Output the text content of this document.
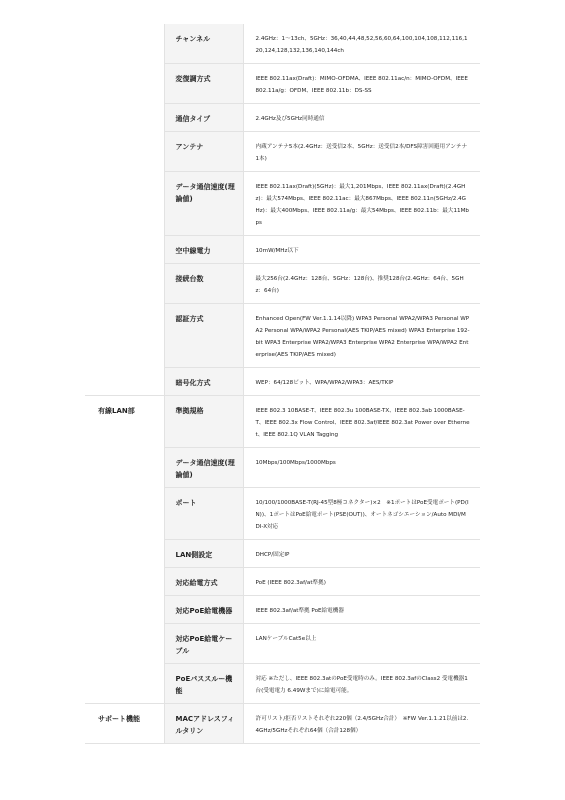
	チャンネル	2.4GHz：1〜13ch、5GHz：36,40,44,48,52,56,60,64,100,104,108,112,116,120,124,128,132,136,140,144ch
	変復調方式	IEEE 802.11ax(Draft)：MIMO-OFDMA、IEEE 802.11ac/n：MIMO-OFDM、IEEE 802.11a/g：OFDM、IEEE 802.11b：DS-SS
	通信タイプ	2.4GHz及び5GHz同時通信
	アンテナ	内蔵アンテナ5本(2.4GHz：送受信2本、5GHz：送受信2本/DFS障害回避用アンテナ1本)
	データ通信速度(理論値)	IEEE 802.11ax(Draft)(5GHz)：最大1,201Mbps、IEEE 802.11ax(Draft)(2.4GHz)：最大574Mbps、IEEE 802.11ac：最大867Mbps、IEEE 802.11n(5GHz/2.4GHz)：最大400Mbps、IEEE 802.11a/g：最大54Mbps、IEEE 802.11b：最大11Mbps
	空中線電力	10mW/MHz以下
	接続台数	最大256台(2.4GHz：128台、5GHz：128台)、推奨128台(2.4GHz：64台、5GHz：64台)
	認証方式	Enhanced Open(FW Ver.1.1.14以降) WPA3 Personal WPA2/WPA3 Personal WPA2 Personal WPA/WPA2 Personal(AES TKIP/AES mixed) WPA3 Enterprise 192-bit WPA3 Enterprise WPA2/WPA3 Enterprise WPA2 Enterprise WPA/WPA2 Enterprise(AES TKIP/AES mixed)
	暗号化方式	WEP：64/128ビット、WPA/WPA2/WPA3：AES/TKIP
有線LAN部	準拠規格	IEEE 802.3 10BASE-T、IEEE 802.3u 100BASE-TX、IEEE 802.3ab 1000BASE-T、IEEE 802.3x Flow Control、IEEE 802.3af/IEEE 802.3at Power over Ethernet、IEEE 802.1Q VLAN Tagging
	データ通信速度(理論値)	10Mbps/100Mbps/1000Mbps
	ポート	10/100/1000BASE-T(RJ-45型8極コネクター)×2　※1ポートはPoE受電ポート(PD(IN))、1ポートはPoE給電ポート(PSE(OUT))、オートネゴシエーション/Auto MDI/MDI-X対応
	LAN側設定	DHCP/固定IP
	対応給電方式	PoE (IEEE 802.3af/at準拠)
	対応PoE給電機器	IEEE 802.3af/at準拠 PoE給電機器
	対応PoE給電ケーブル	LANケーブルCat5e以上
	PoEパススルー機能	対応 ※ただし、IEEE 802.3atのPoE受電時のみ。IEEE 802.3afのClass2 受電機器1台(受電電力 6.49Wまで)に給電可能。
サポート機能	MACアドレスフィルタリン	許可リスト/拒否リストそれぞれ220個（2.4/5GHz合計）　※FW Ver.1.1.21以前は2.4GHz/5GHzそれぞれ64個（合計128個）
